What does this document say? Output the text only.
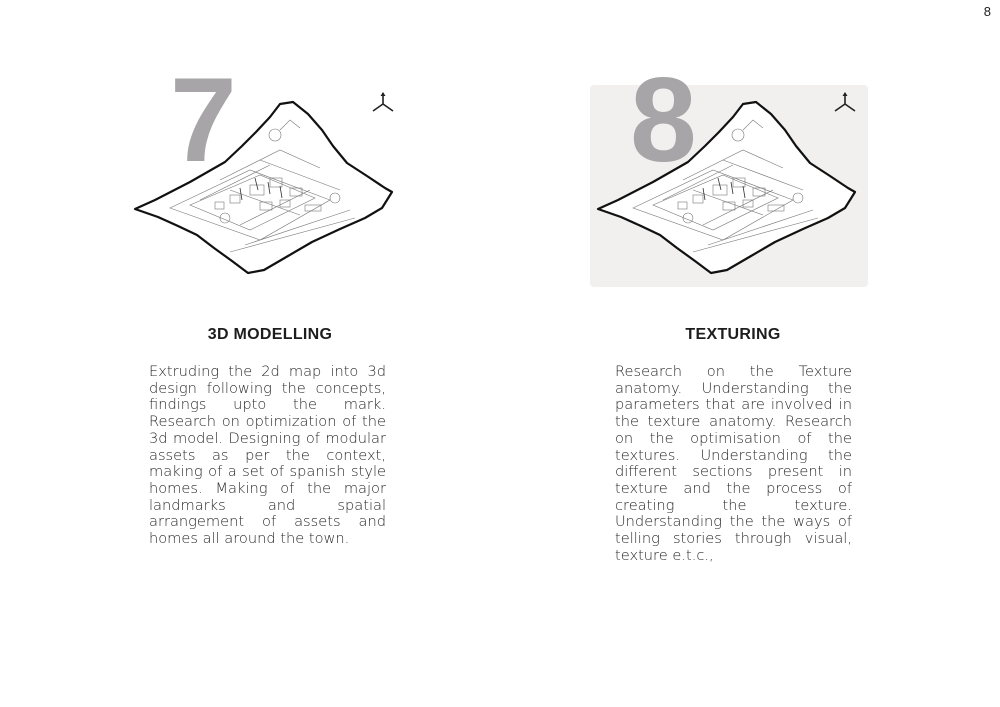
8
7	8
3D MODELLING

Extruding the 2d map into 3d design following the concepts, findings upto the mark. Research on optimization of the 3d model. Designing of modular assets as per the context, making of a set of spanish style homes. Making of the major landmarks and spatial arrangement of assets and homes all around the town.

TEXTURING

Research on the Texture anatomy. Understanding the parameters that are involved in the texture anatomy. Research on the optimisation of the textures. Understanding the different sections present in texture and the process of creating the texture. Understanding the the ways of telling stories through visual, texture e.t.c.,
